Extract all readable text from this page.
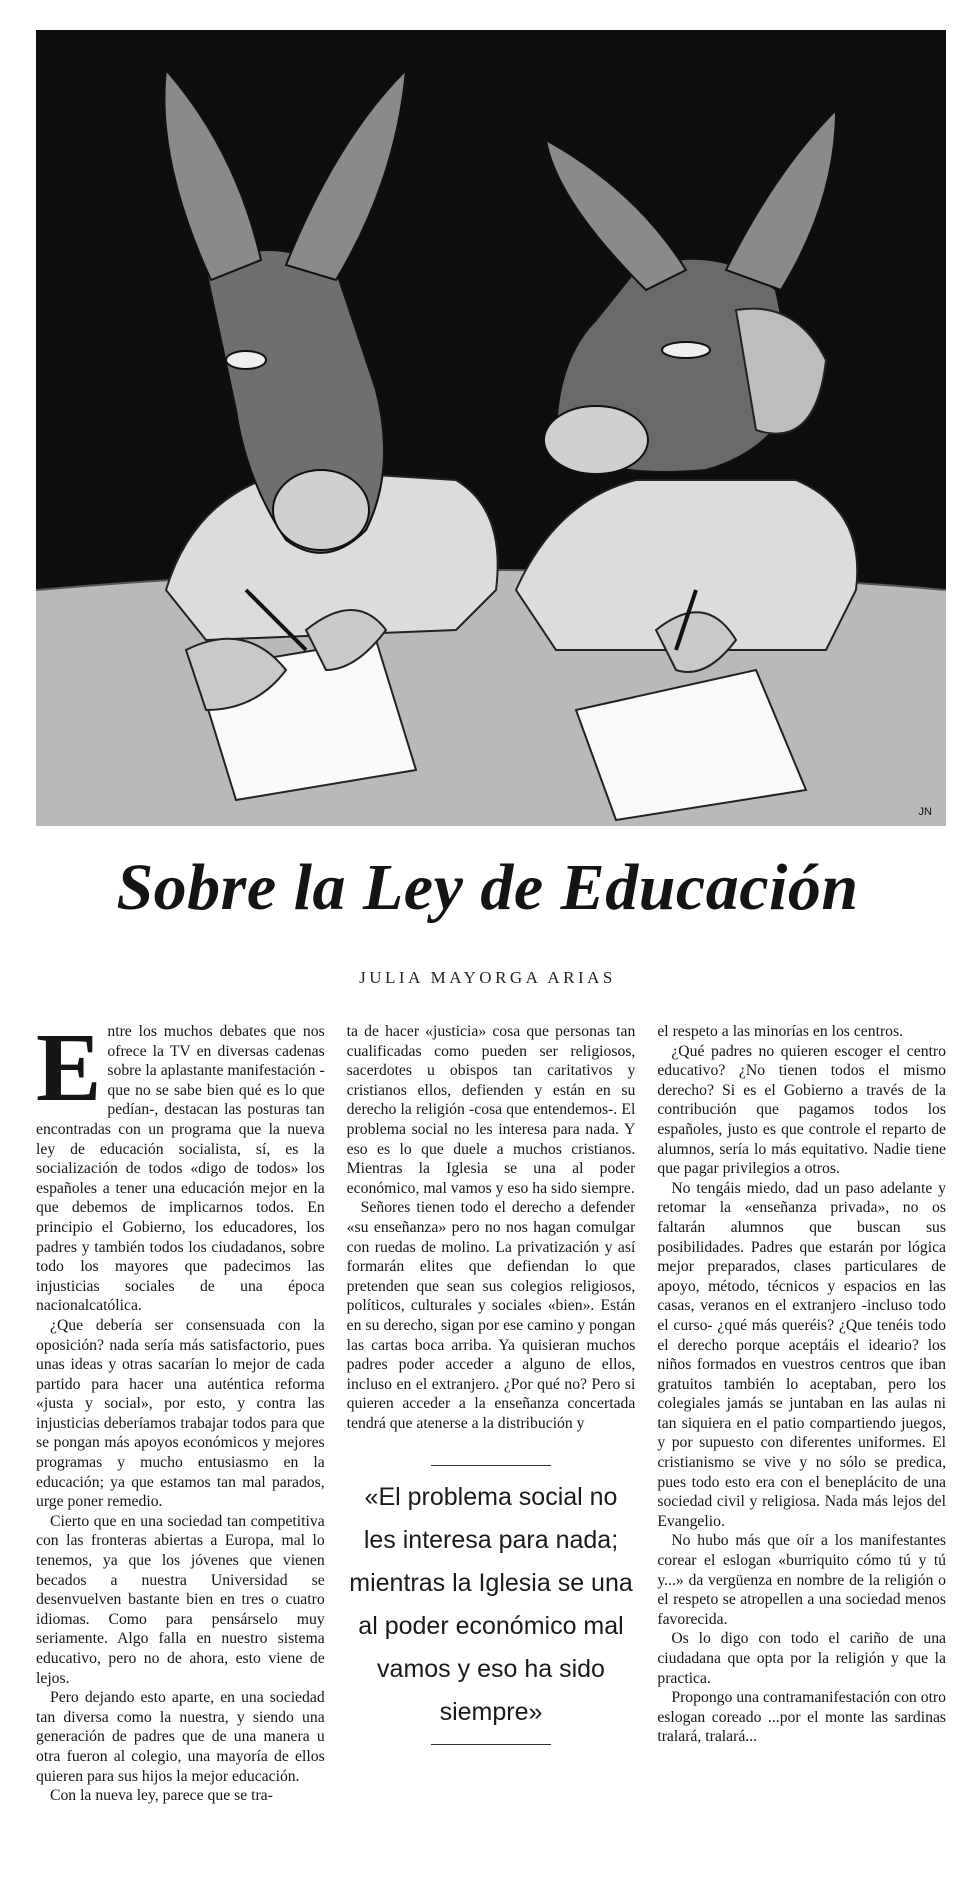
JN
Sobre la Ley de Educación
JULIA MAYORGA ARIAS

Entre los muchos debates que nos ofrece la TV en diversas cadenas sobre la aplastante manifestación -que no se sabe bien qué es lo que pedían-, destacan las posturas tan encontradas con un programa que la nueva ley de educación socialista, sí, es la socialización de todos «digo de todos» los españoles a tener una educación mejor en la que debemos de implicarnos todos. En principio el Gobierno, los educadores, los padres y también todos los ciudadanos, sobre todo los mayores que padecimos las injusticias sociales de una época nacionalcatólica.

¿Que debería ser consensuada con la oposición? nada sería más satisfactorio, pues unas ideas y otras sacarían lo mejor de cada partido para hacer una auténtica reforma «justa y social», por esto, y contra las injusticias deberíamos trabajar todos para que se pongan más apoyos económicos y mejores programas y mucho entusiasmo en la educación; ya que estamos tan mal parados, urge poner remedio.

Cierto que en una sociedad tan competitiva con las fronteras abiertas a Europa, mal lo tenemos, ya que los jóvenes que vienen becados a nuestra Universidad se desenvuelven bastante bien en tres o cuatro idiomas. Como para pensárselo muy seriamente. Algo falla en nuestro sistema educativo, pero no de ahora, esto viene de lejos.

Pero dejando esto aparte, en una sociedad tan diversa como la nuestra, y siendo una generación de padres que de una manera u otra fueron al colegio, una mayoría de ellos quieren para sus hijos la mejor educación.

Con la nueva ley, parece que se tra-

ta de hacer «justicia» cosa que personas tan cualificadas como pueden ser religiosos, sacerdotes u obispos tan caritativos y cristianos ellos, defienden y están en su derecho la religión -cosa que entendemos-. El problema social no les interesa para nada. Y eso es lo que duele a muchos cristianos. Mientras la Iglesia se una al poder económico, mal vamos y eso ha sido siempre.

Señores tienen todo el derecho a defender «su enseñanza» pero no nos hagan comulgar con ruedas de molino. La privatización y así formarán elites que defiendan lo que pretenden que sean sus colegios religiosos, políticos, culturales y sociales «bien». Están en su derecho, sigan por ese camino y pongan las cartas boca arriba. Ya quisieran muchos padres poder acceder a alguno de ellos, incluso en el extranjero. ¿Por qué no? Pero si quieren acceder a la enseñanza concertada tendrá que atenerse a la distribución y

«El problema social no les interesa para nada; mientras la Iglesia se una al poder económico mal vamos y eso ha sido siempre»

el respeto a las minorías en los centros.

¿Qué padres no quieren escoger el centro educativo? ¿No tienen todos el mismo derecho? Si es el Gobierno a través de la contribución que pagamos todos los españoles, justo es que controle el reparto de alumnos, sería lo más equitativo. Nadie tiene que pagar privilegios a otros.

No tengáis miedo, dad un paso adelante y retomar la «enseñanza privada», no os faltarán alumnos que buscan sus posibilidades. Padres que estarán por lógica mejor preparados, clases particulares de apoyo, método, técnicos y espacios en las casas, veranos en el extranjero -incluso todo el curso- ¿qué más queréis? ¿Que tenéis todo el derecho porque aceptáis el ideario? los niños formados en vuestros centros que iban gratuitos también lo aceptaban, pero los colegiales jamás se juntaban en las aulas ni tan siquiera en el patio compartiendo juegos, y por supuesto con diferentes uniformes. El cristianismo se vive y no sólo se predica, pues todo esto era con el beneplácito de una sociedad civil y religiosa. Nada más lejos del Evangelio.

No hubo más que oír a los manifestantes corear el eslogan «burriquito cómo tú y tú y...» da vergüenza en nombre de la religión o el respeto se atropellen a una sociedad menos favorecida.

Os lo digo con todo el cariño de una ciudadana que opta por la religión y que la practica.

Propongo una contramanifestación con otro eslogan coreado ...por el monte las sardinas tralará, tralará...
